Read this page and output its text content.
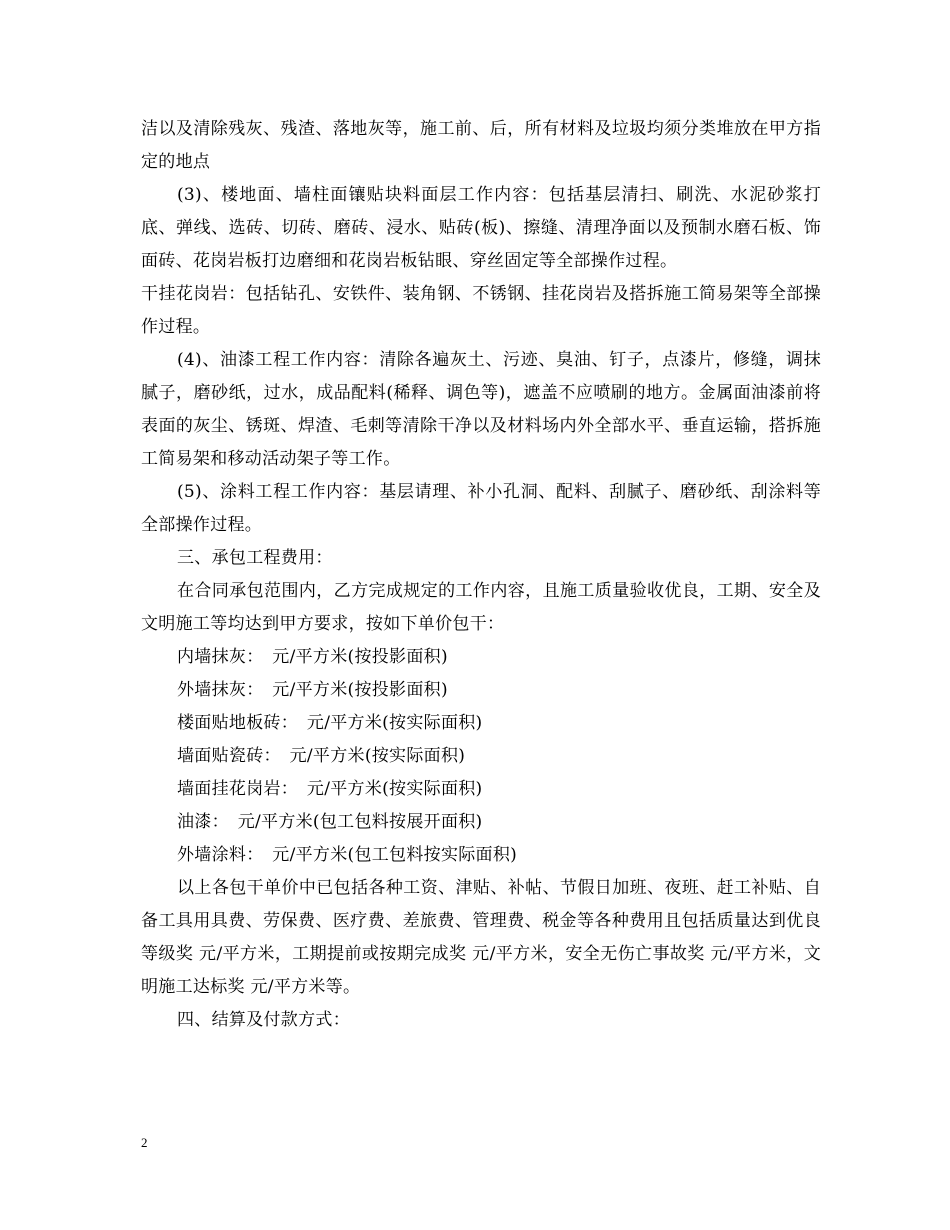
洁以及清除残灰、残渣、落地灰等，施工前、后，所有材料及垃圾均须分类堆放在甲方指定的地点

(3)、楼地面、墙柱面镶贴块料面层工作内容：包括基层清扫、刷洗、水泥砂浆打底、弹线、选砖、切砖、磨砖、浸水、贴砖(板)、擦缝、清理净面以及预制水磨石板、饰面砖、花岗岩板打边磨细和花岗岩板钻眼、穿丝固定等全部操作过程。

干挂花岗岩：包括钻孔、安铁件、装角钢、不锈钢、挂花岗岩及搭拆施工简易架等全部操作过程。

(4)、油漆工程工作内容：清除各遍灰土、污迹、臭油、钉子，点漆片，修缝，调抹腻子，磨砂纸，过水，成品配料(稀释、调色等)，遮盖不应喷刷的地方。金属面油漆前将表面的灰尘、锈斑、焊渣、毛刺等清除干净以及材料场内外全部水平、垂直运输，搭拆施工简易架和移动活动架子等工作。

(5)、涂料工程工作内容：基层请理、补小孔洞、配料、刮腻子、磨砂纸、刮涂料等全部操作过程。

三、承包工程费用：

在合同承包范围内，乙方完成规定的工作内容，且施工质量验收优良，工期、安全及文明施工等均达到甲方要求，按如下单价包干：

内墙抹灰：　元/平方米(按投影面积)

外墙抹灰：　元/平方米(按投影面积)

楼面贴地板砖：　元/平方米(按实际面积)

墙面贴瓷砖：　元/平方米(按实际面积)

墙面挂花岗岩：　元/平方米(按实际面积)

油漆：　元/平方米(包工包料按展开面积)

外墙涂料：　元/平方米(包工包料按实际面积)

以上各包干单价中已包括各种工资、津贴、补帖、节假日加班、夜班、赶工补贴、自备工具用具费、劳保费、医疗费、差旅费、管理费、税金等各种费用且包括质量达到优良等级奖 元/平方米，工期提前或按期完成奖 元/平方米，安全无伤亡事故奖 元/平方米，文明施工达标奖 元/平方米等。

四、结算及付款方式：

2
